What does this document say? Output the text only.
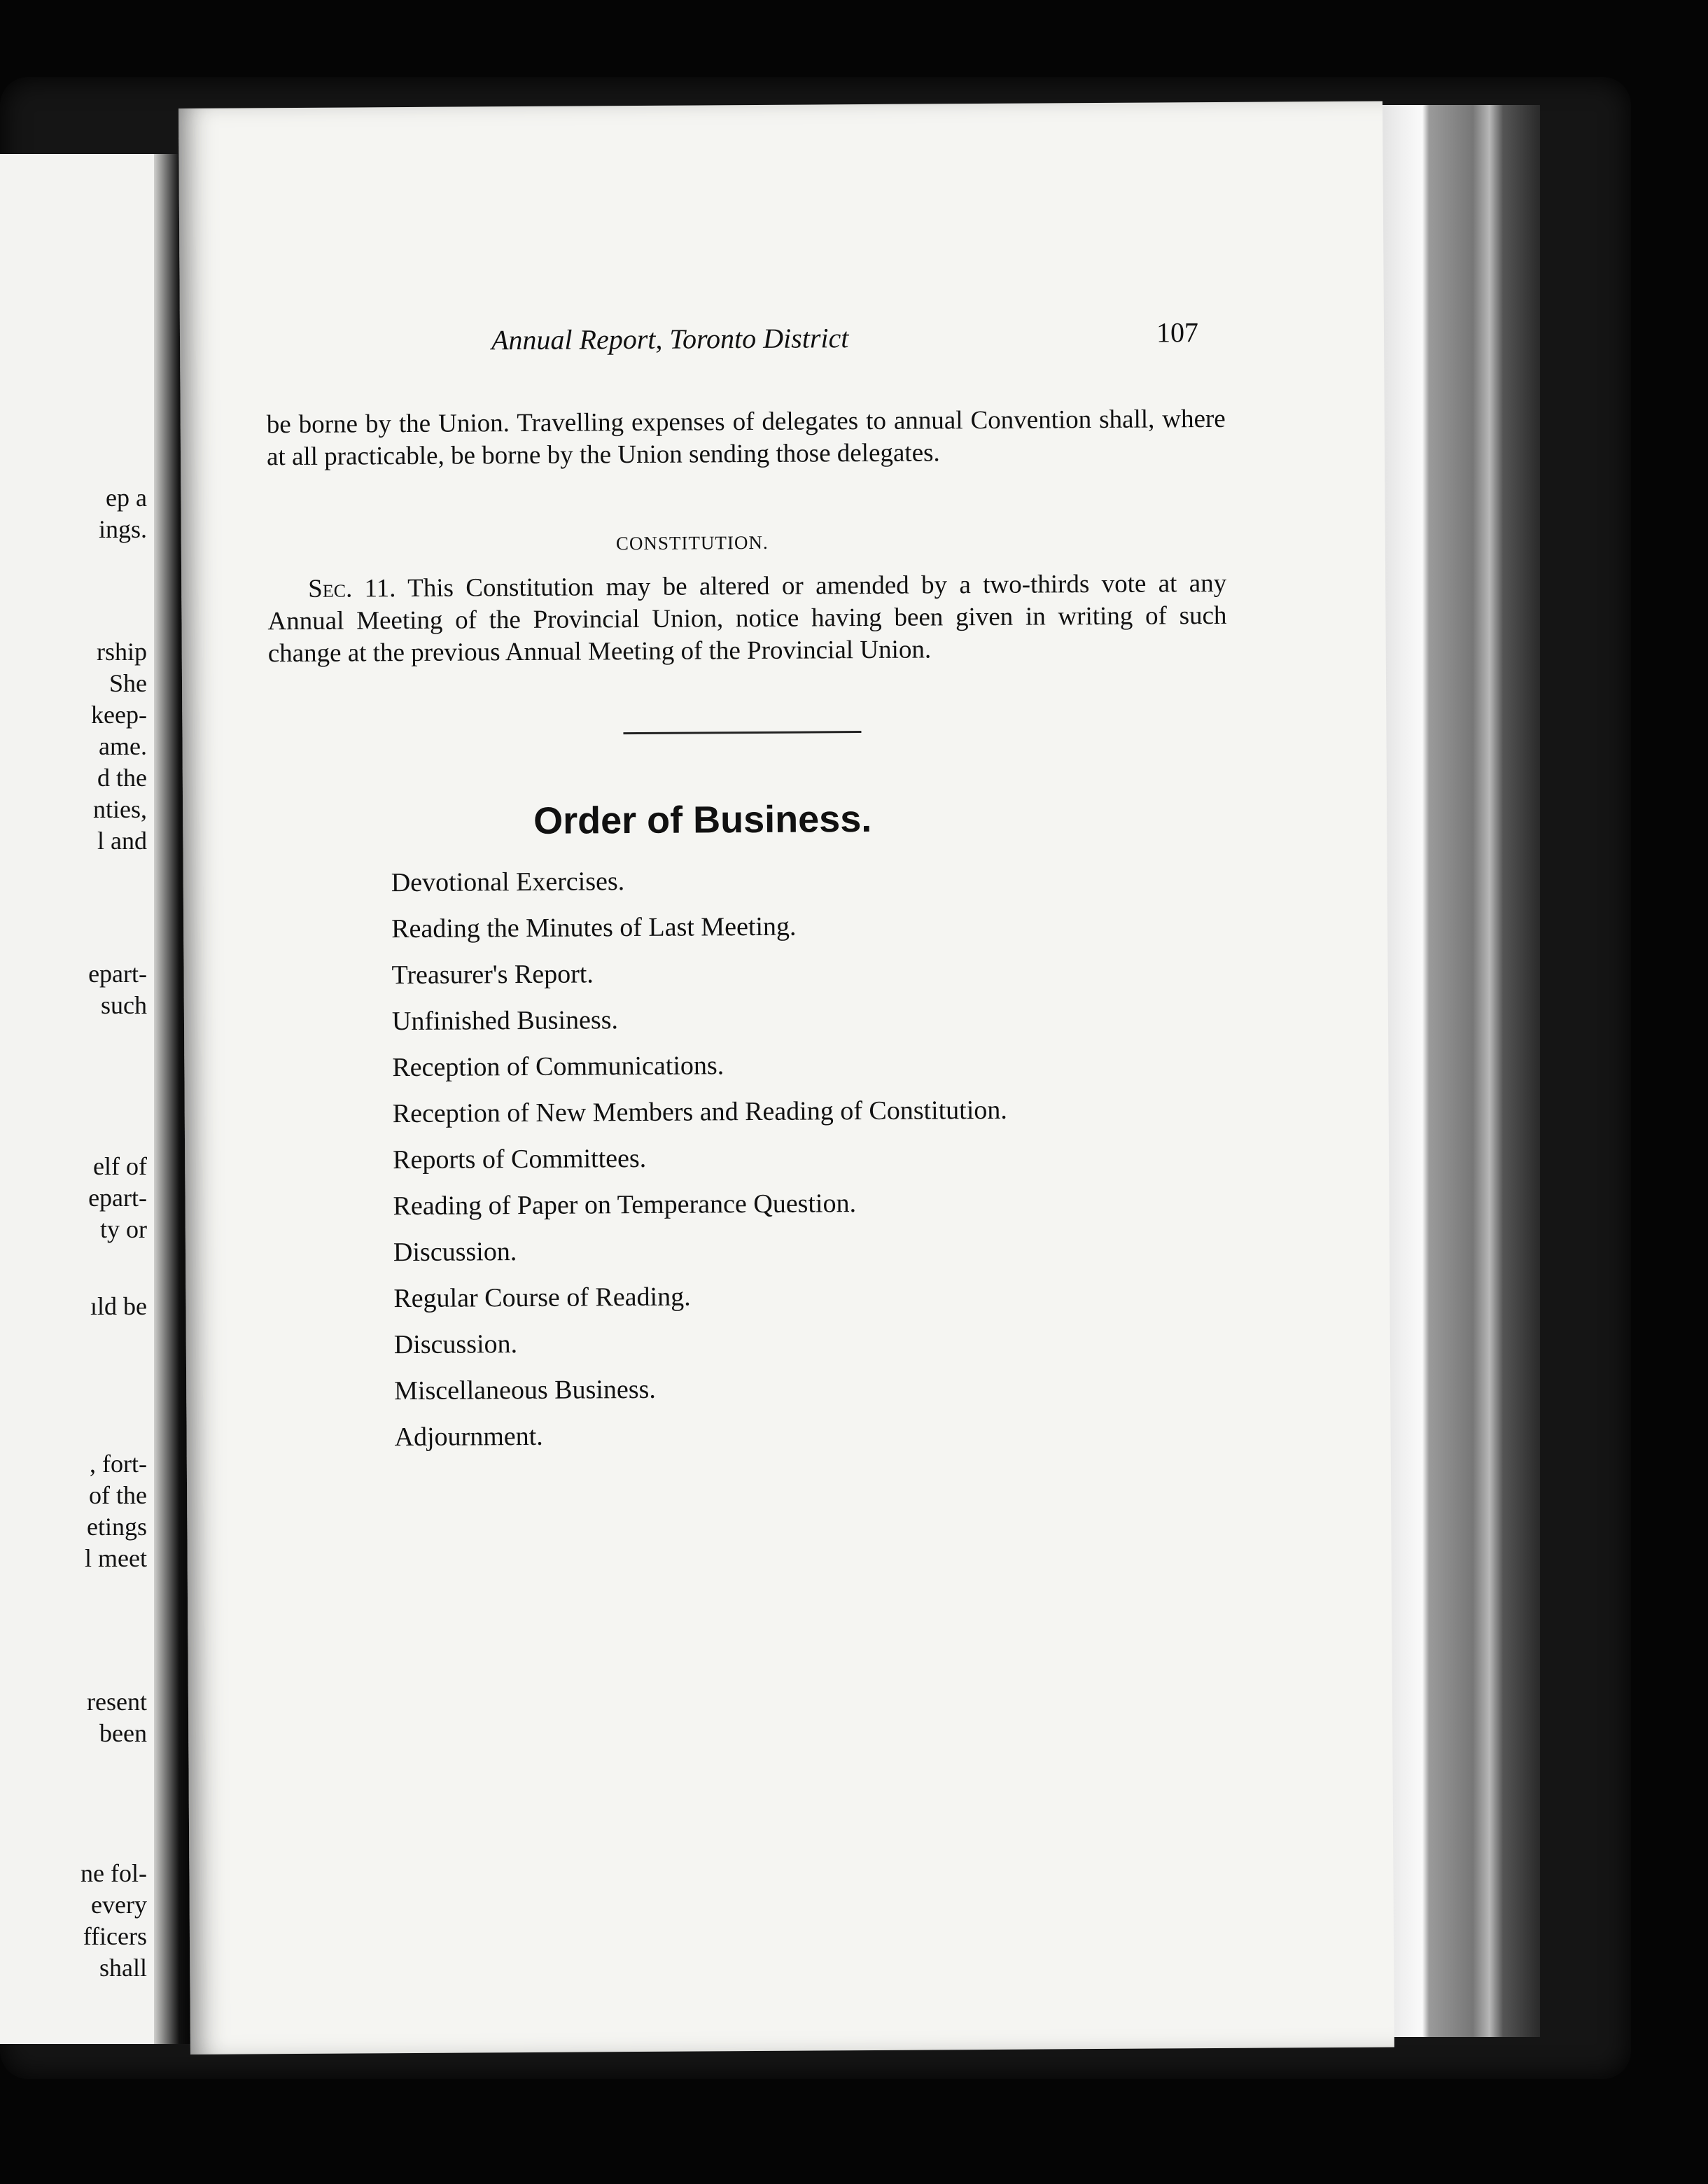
ep a
ings.
rship
She
keep-
ame.
d the
nties,
l and
epart-
such
elf of
epart-
ty or
ıld be
, fort-
of the
etings
l meet
resent
been
ne fol-
every
fficers
shall
Annual Report, Toronto District	107

be borne by the Union. Travelling expenses of delegates to annual Convention shall, where at all practicable, be borne by the Union sending those delegates.

CONSTITUTION.

Sec. 11. This Constitution may be altered or amended by a two-thirds vote at any Annual Meeting of the Provincial Union, notice having been given in writing of such change at the previous Annual Meeting of the Provincial Union.

Order of Business.
Devotional Exercises.
Reading the Minutes of Last Meeting.
Treasurer's Report.
Unfinished Business.
Reception of Communications.
Reception of New Members and Reading of Constitution.
Reports of Committees.
Reading of Paper on Temperance Question.
Discussion.
Regular Course of Reading.
Discussion.
Miscellaneous Business.
Adjournment.
